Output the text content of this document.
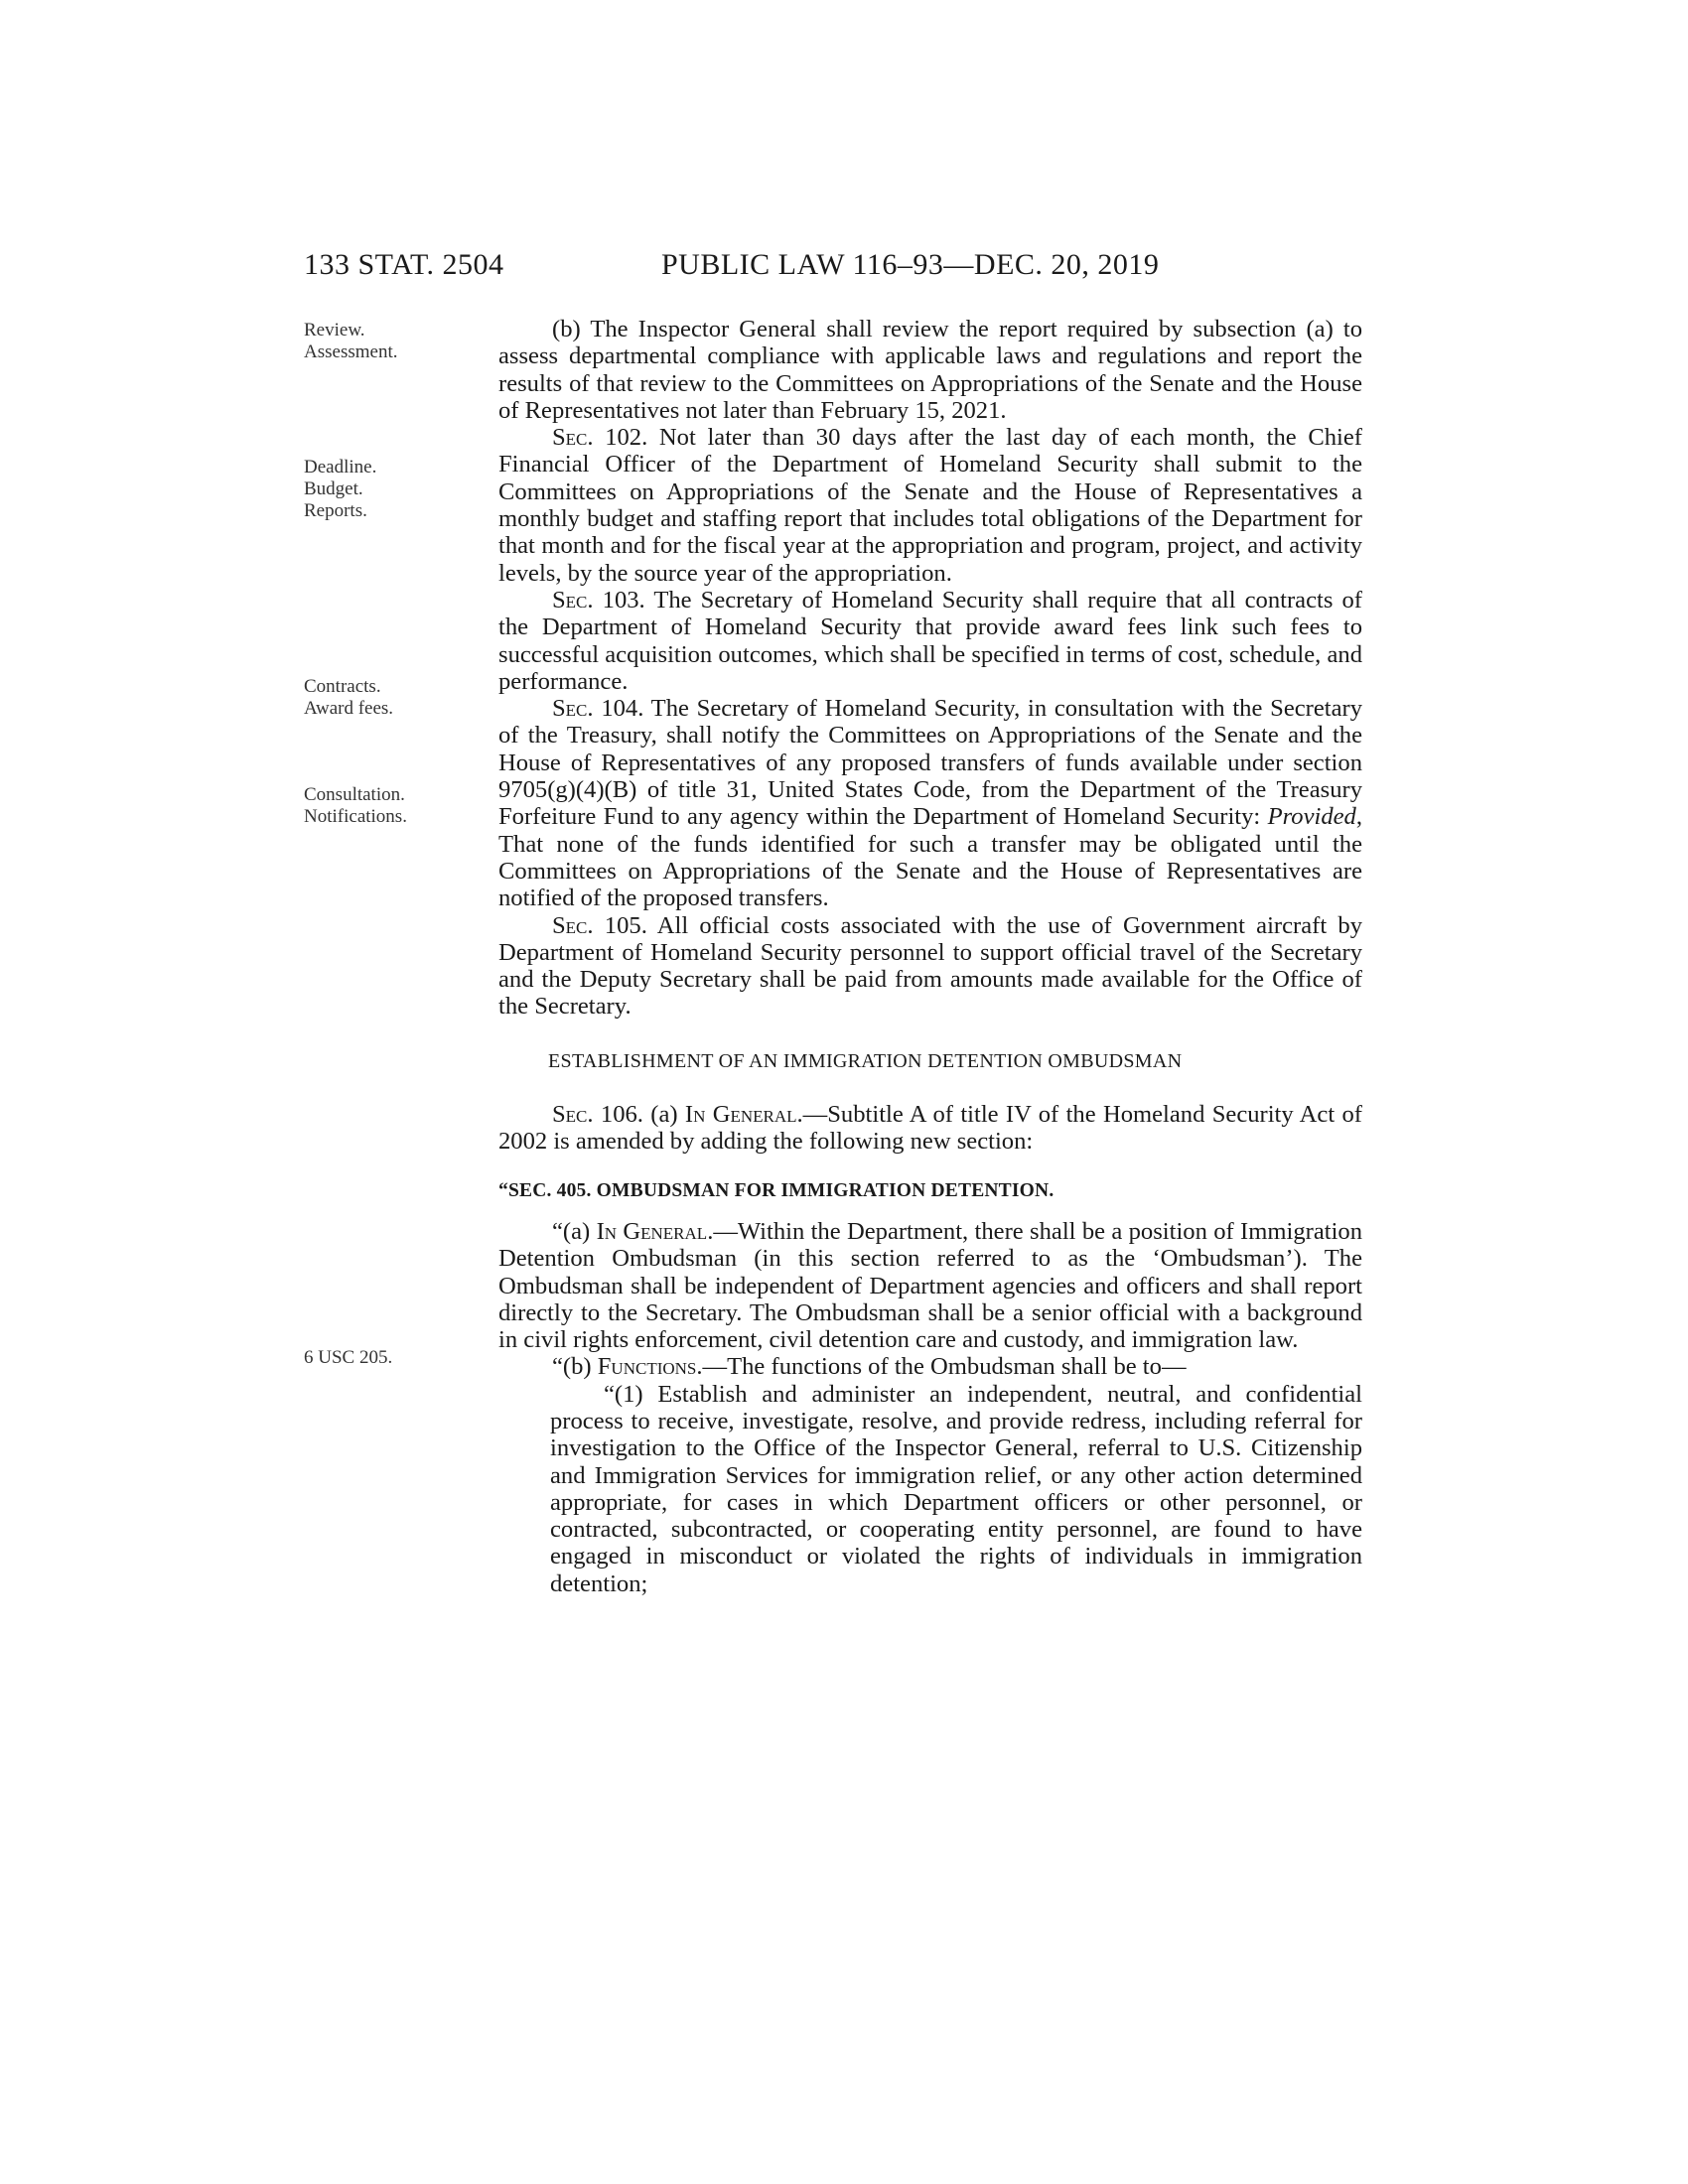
133 STAT. 2504	PUBLIC LAW 116–93—DEC. 20, 2019
Review.
Assessment.
Deadline.
Budget.
Reports.
Contracts.
Award fees.
Consultation.
Notifications.
6 USC 205.

(b) The Inspector General shall review the report required by subsection (a) to assess departmental compliance with applicable laws and regulations and report the results of that review to the Committees on Appropriations of the Senate and the House of Representatives not later than February 15, 2021.

Sec. 102. Not later than 30 days after the last day of each month, the Chief Financial Officer of the Department of Homeland Security shall submit to the Committees on Appropriations of the Senate and the House of Representatives a monthly budget and staffing report that includes total obligations of the Department for that month and for the fiscal year at the appropriation and program, project, and activity levels, by the source year of the appropriation.

Sec. 103. The Secretary of Homeland Security shall require that all contracts of the Department of Homeland Security that provide award fees link such fees to successful acquisition outcomes, which shall be specified in terms of cost, schedule, and performance.

Sec. 104. The Secretary of Homeland Security, in consultation with the Secretary of the Treasury, shall notify the Committees on Appropriations of the Senate and the House of Representatives of any proposed transfers of funds available under section 9705(g)(4)(B) of title 31, United States Code, from the Department of the Treasury Forfeiture Fund to any agency within the Department of Homeland Security: Provided, That none of the funds identified for such a transfer may be obligated until the Committees on Appropriations of the Senate and the House of Representatives are notified of the proposed transfers.

Sec. 105. All official costs associated with the use of Government aircraft by Department of Homeland Security personnel to support official travel of the Secretary and the Deputy Secretary shall be paid from amounts made available for the Office of the Secretary.

ESTABLISHMENT OF AN IMMIGRATION DETENTION OMBUDSMAN

Sec. 106. (a) In General.—Subtitle A of title IV of the Homeland Security Act of 2002 is amended by adding the following new section:

“SEC. 405. OMBUDSMAN FOR IMMIGRATION DETENTION.

“(a) In General.—Within the Department, there shall be a position of Immigration Detention Ombudsman (in this section referred to as the ‘Ombudsman’). The Ombudsman shall be independent of Department agencies and officers and shall report directly to the Secretary. The Ombudsman shall be a senior official with a background in civil rights enforcement, civil detention care and custody, and immigration law.

“(b) Functions.—The functions of the Ombudsman shall be to—

“(1) Establish and administer an independent, neutral, and confidential process to receive, investigate, resolve, and provide redress, including referral for investigation to the Office of the Inspector General, referral to U.S. Citizenship and Immigration Services for immigration relief, or any other action determined appropriate, for cases in which Department officers or other personnel, or contracted, subcontracted, or cooperating entity personnel, are found to have engaged in misconduct or violated the rights of individuals in immigration detention;
